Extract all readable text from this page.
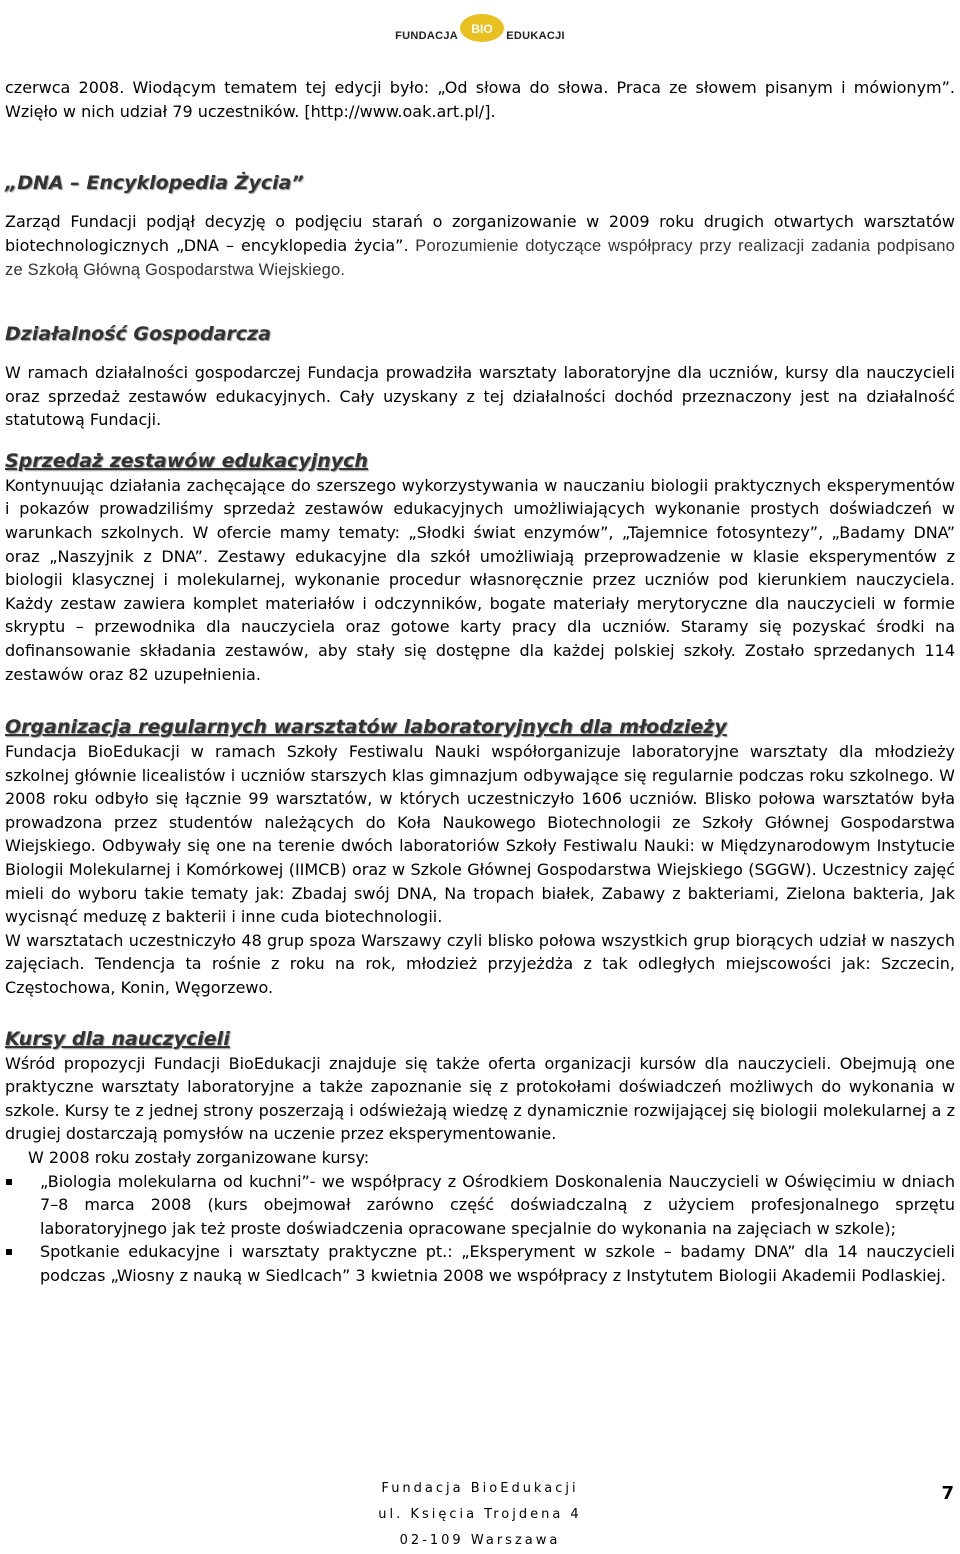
$_{FUNDACJA}$ BIO $_{EDUKACJI}$

czerwca 2008. Wiodącym tematem tej edycji było: „Od słowa do słowa. Praca ze słowem pisanym i mówionym”. Wzięło w nich udział 79 uczestników. [http://www.oak.art.pl/].

„DNA – Encyklopedia Życia”

Zarząd Fundacji podjął decyzję o podjęciu starań o zorganizowanie w 2009 roku drugich otwartych warsztatów biotechnologicznych „DNA – encyklopedia życia”. Porozumienie dotyczące współpracy przy realizacji zadania podpisano ze Szkołą Główną Gospodarstwa Wiejskiego.

Działalność Gospodarcza

W ramach działalności gospodarczej Fundacja prowadziła warsztaty laboratoryjne dla uczniów, kursy dla nauczycieli oraz sprzedaż zestawów edukacyjnych. Cały uzyskany z tej działalności dochód przeznaczony jest na działalność statutową Fundacji.

Sprzedaż zestawów edukacyjnych

Kontynuując działania zachęcające do szerszego wykorzystywania w nauczaniu biologii praktycznych eksperymentów i pokazów prowadziliśmy sprzedaż zestawów edukacyjnych umożliwiających wykonanie prostych doświadczeń w warunkach szkolnych. W ofercie mamy tematy: „Słodki świat enzymów”, „Tajemnice fotosyntezy”, „Badamy DNA” oraz „Naszyjnik z DNA”. Zestawy edukacyjne dla szkół umożliwiają przeprowadzenie w klasie eksperymentów z biologii klasycznej i molekularnej, wykonanie procedur własnoręcznie przez uczniów pod kierunkiem nauczyciela. Każdy zestaw zawiera komplet materiałów i odczynników, bogate materiały merytoryczne dla nauczycieli w formie skryptu – przewodnika dla nauczyciela oraz gotowe karty pracy dla uczniów. Staramy się pozyskać środki na dofinansowanie składania zestawów, aby stały się dostępne dla każdej polskiej szkoły. Zostało sprzedanych 114 zestawów oraz 82 uzupełnienia.

Organizacja regularnych warsztatów laboratoryjnych dla młodzieży

Fundacja BioEdukacji w ramach Szkoły Festiwalu Nauki współorganizuje laboratoryjne warsztaty dla młodzieży szkolnej głównie licealistów i uczniów starszych klas gimnazjum odbywające się regularnie podczas roku szkolnego. W 2008 roku odbyło się łącznie 99 warsztatów, w których uczestniczyło 1606 uczniów. Blisko połowa warsztatów była prowadzona przez studentów należących do Koła Naukowego Biotechnologii ze Szkoły Głównej Gospodarstwa Wiejskiego. Odbywały się one na terenie dwóch laboratoriów Szkoły Festiwalu Nauki: w Międzynarodowym Instytucie Biologii Molekularnej i Komórkowej (IIMCB) oraz w Szkole Głównej Gospodarstwa Wiejskiego (SGGW). Uczestnicy zajęć mieli do wyboru takie tematy jak: Zbadaj swój DNA, Na tropach białek, Zabawy z bakteriami, Zielona bakteria, Jak wycisnąć meduzę z bakterii i inne cuda biotechnologii.

W warsztatach uczestniczyło 48 grup spoza Warszawy czyli blisko połowa wszystkich grup biorących udział w naszych zajęciach. Tendencja ta rośnie z roku na rok, młodzież przyjeżdża z tak odległych miejscowości jak: Szczecin, Częstochowa, Konin, Węgorzewo.

Kursy dla nauczycieli

Wśród propozycji Fundacji BioEdukacji znajduje się także oferta organizacji kursów dla nauczycieli. Obejmują one praktyczne warsztaty laboratoryjne a także zapoznanie się z protokołami doświadczeń możliwych do wykonania w szkole. Kursy te z jednej strony poszerzają i odświeżają wiedzę z dynamicznie rozwijającej się biologii molekularnej a z drugiej dostarczają pomysłów na uczenie przez eksperymentowanie.

W 2008 roku zostały zorganizowane kursy:

„Biologia molekularna od kuchni”- we współpracy z Ośrodkiem Doskonalenia Nauczycieli w Oświęcimiu w dniach 7–8 marca 2008 (kurs obejmował zarówno część doświadczalną z użyciem profesjonalnego sprzętu laboratoryjnego jak też proste doświadczenia opracowane specjalnie do wykonania na zajęciach w szkole);
Spotkanie edukacyjne i warsztaty praktyczne pt.: „Eksperyment w szkole – badamy DNA” dla 14 nauczycieli podczas „Wiosny z nauką w Siedlcach” 3 kwietnia 2008 we współpracy z Instytutem Biologii Akademii Podlaskiej.
Fundacja BioEdukacji
ul. Księcia Trojdena 4
02-109 Warszawa
7
